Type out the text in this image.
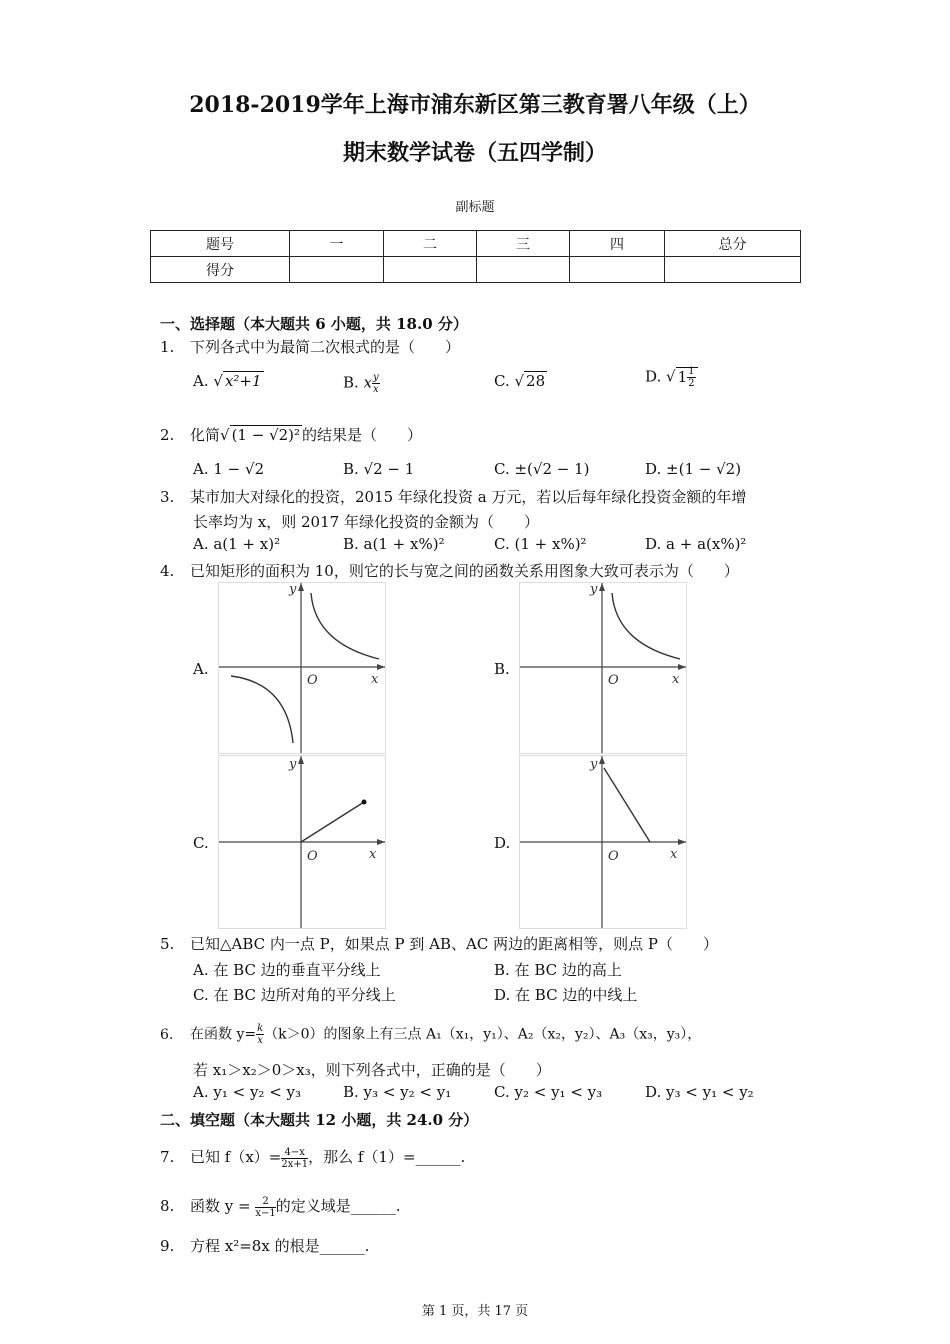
2018-2019学年上海市浦东新区第三教育署八年级（上）
期末数学试卷（五四学制）
副标题
题号	一	二	三	四	总分
得分					
一、选择题（本大题共 6 小题，共 18.0 分）
1. 下列各式中为最简二次根式的是（　　）
A. √ x²+1	B. x $\frac{y}{x}$	C. √ 28	D. √ $1 \frac{1}{2}$
2. 化简√ (1 − √2)² 的结果是（　　）
A. 1 − √2	B. √2 − 1	C. ±(√2 − 1)	D. ±(1 − √2)
3. 某市加大对绿化的投资，2015 年绿化投资 a 万元，若以后每年绿化投资金额的年增
长率均为 x，则 2017 年绿化投资的金额为（　　）
A. a(1 + x)²	B. a(1 + x%)²	C. (1 + x%)²	D. a + a(x%)²
4. 已知矩形的面积为 10，则它的长与宽之间的函数关系用图象大致可表示为（　　）
A.	B.
C.	D.
y
x
O
y
x
O
y
x
O
y
x
O
5. 已知△ABC 内一点 P，如果点 P 到 AB、AC 两边的距离相等，则点 P（　　）
A. 在 BC 边的垂直平分线上	B. 在 BC 边的高上
C. 在 BC 边所对角的平分线上	D. 在 BC 边的中线上
6. 在函数 $y= \frac{k}{x} (k>0)$的图象上有三点 A₁（x₁，y₁）、A₂（x₂，y₂）、A₃（x₃，y₃），
若 x₁＞x₂＞0＞x₃，则下列各式中，正确的是（　　）
A. y₁ < y₂ < y₃	B. y₃ < y₂ < y₁	C. y₂ < y₁ < y₃	D. y₃ < y₁ < y₂
二、填空题（本大题共 12 小题，共 24.0 分）
7. 已知 $f(x)= \frac{4-x}{2x+1}$ ，那么 f（1）=______.
8. 函数 $y = \frac{2}{x-1}$ 的定义域是______.
9. 方程 x²=8x 的根是______.
第 1 页，共 17 页
